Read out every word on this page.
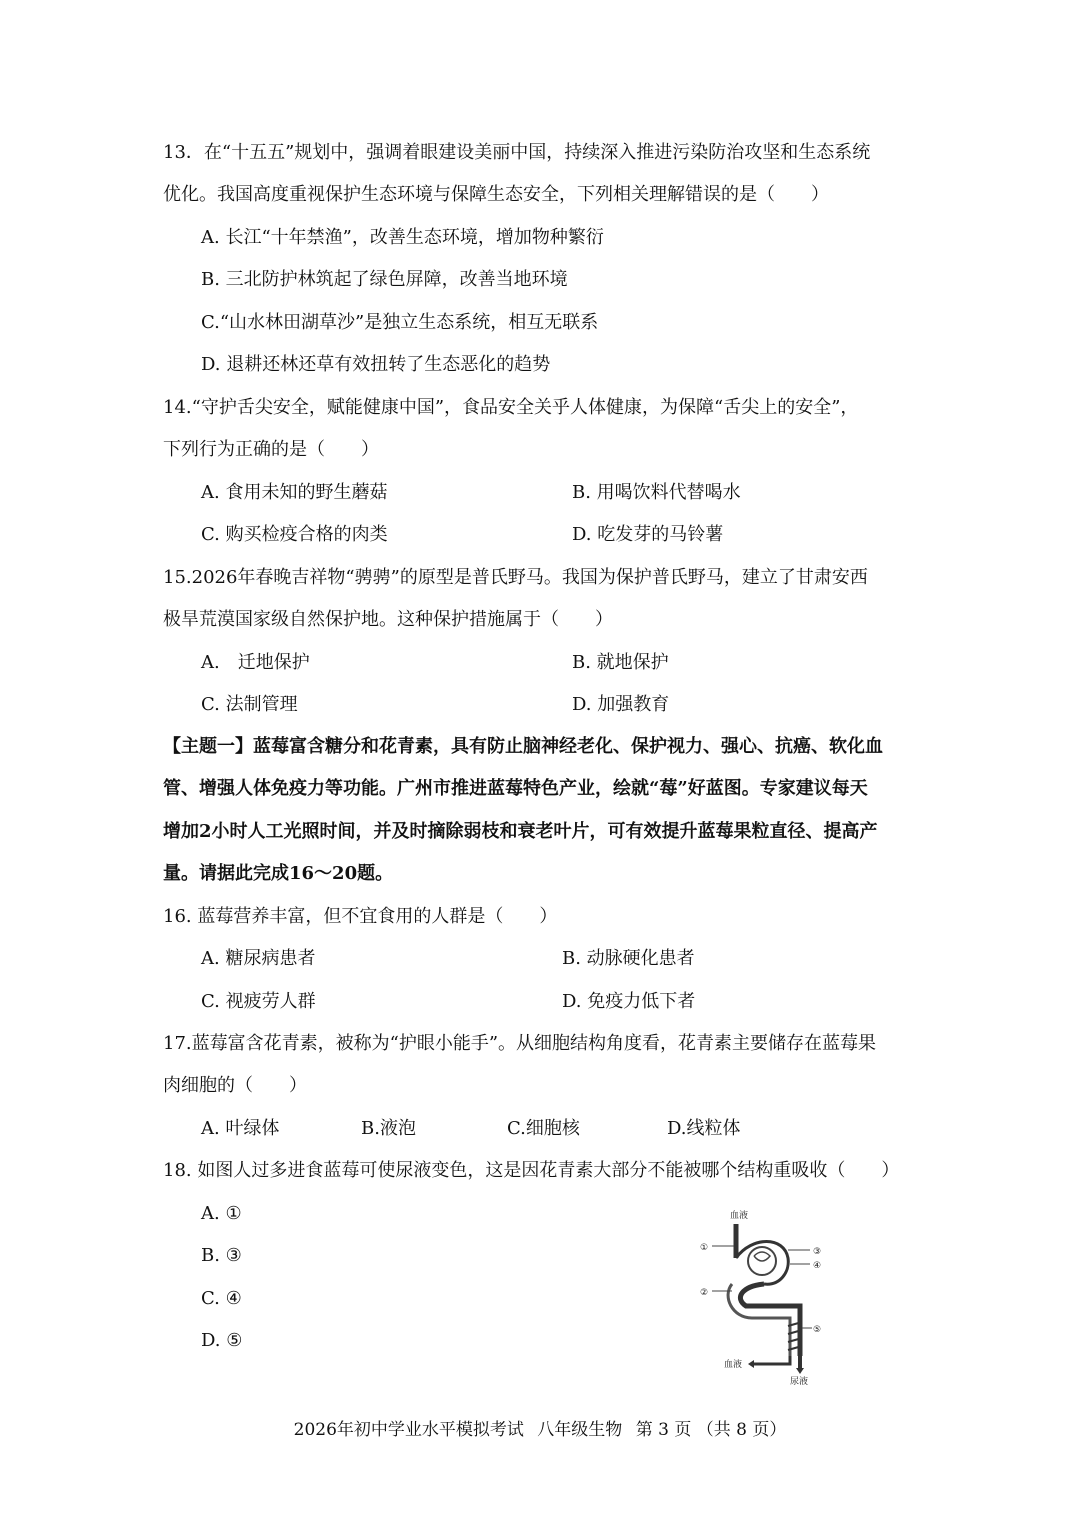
13．在“十五五”规划中，强调着眼建设美丽中国，持续深入推进污染防治攻坚和生态系统
优化。我国高度重视保护生态环境与保障生态安全，下列相关理解错误的是（　　）
A. 长江“十年禁渔”，改善生态环境，增加物种繁衍
B. 三北防护林筑起了绿色屏障，改善当地环境
C.“山水林田湖草沙”是独立生态系统，相互无联系
D. 退耕还林还草有效扭转了生态恶化的趋势
14.“守护舌尖安全，赋能健康中国”，食品安全关乎人体健康，为保障“舌尖上的安全”，
下列行为正确的是（　　）
A. 食用未知的野生蘑菇	B. 用喝饮料代替喝水
C. 购买检疫合格的肉类	D. 吃发芽的马铃薯
15.2026年春晚吉祥物“骋骋”的原型是普氏野马。我国为保护普氏野马，建立了甘肃安西
极旱荒漠国家级自然保护地。这种保护措施属于（　　）
A.　迁地保护	B. 就地保护
C. 法制管理	D. 加强教育
【主题一】蓝莓富含糖分和花青素，具有防止脑神经老化、保护视力、强心、抗癌、软化血
管、增强人体免疫力等功能。广州市推进蓝莓特色产业，绘就“莓”好蓝图。专家建议每天
增加2小时人工光照时间，并及时摘除弱枝和衰老叶片，可有效提升蓝莓果粒直径、提高产
量。请据此完成16～20题。
16. 蓝莓营养丰富，但不宜食用的人群是（　　）
A. 糖尿病患者	B. 动脉硬化患者
C. 视疲劳人群	D. 免疫力低下者
17.蓝莓富含花青素，被称为“护眼小能手”。从细胞结构角度看，花青素主要储存在蓝莓果
肉细胞的（　　）
A. 叶绿体	B.液泡	C.细胞核	D.线粒体
18. 如图人过多进食蓝莓可使尿液变色，这是因花青素大部分不能被哪个结构重吸收（　　）
A. ①
B. ③
C. ④
D. ⑤
血液
①
②
③
④
⑤
血液
尿液
2026年初中学业水平模拟考试 八年级生物 第 3 页 （共 8 页）
